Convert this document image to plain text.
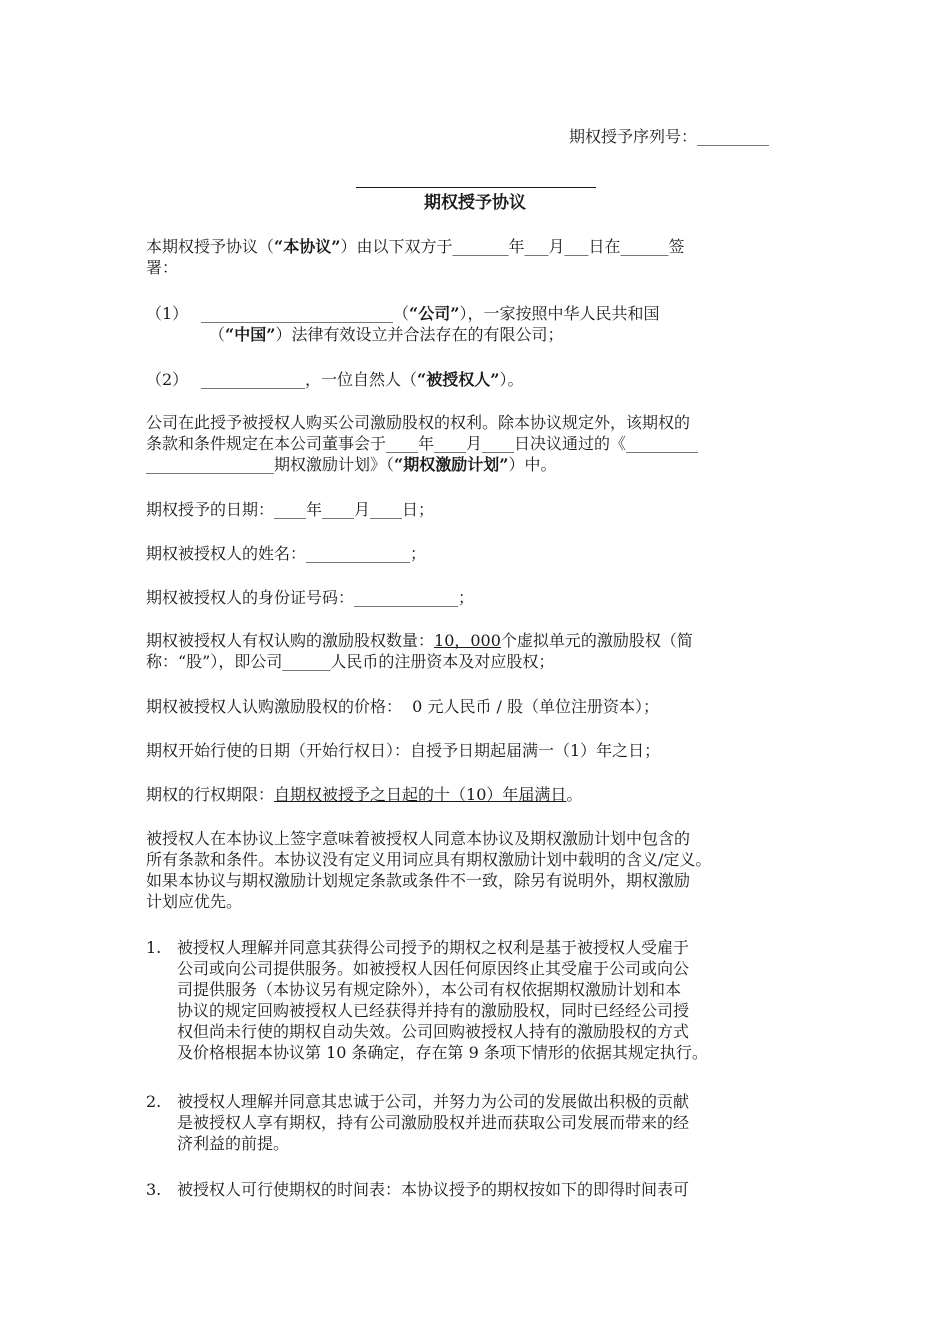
期权授予序列号：_________
期权授予协议
本期权授予协议（“本协议”）由以下双方于_______年___月___日在______签
署：
（1） ________________________（“公司”），一家按照中华人民共和国
（“中国”）法律有效设立并合法存在的有限公司；
（2） _____________，一位自然人（“被授权人”）。
公司在此授予被授权人购买公司激励股权的权利。除本协议规定外，该期权的
条款和条件规定在本公司董事会于____年____月____日决议通过的《_________
________________期权激励计划》（“期权激励计划”）中。
期权授予的日期：____年____月____日；
期权被授权人的姓名：_____________；
期权被授权人的身份证号码：_____________；
期权被授权人有权认购的激励股权数量：10，000个虚拟单元的激励股权（简
称：“股”），即公司______人民币的注册资本及对应股权；
期权被授权人认购激励股权的价格：  0 元人民币 / 股（单位注册资本）；
期权开始行使的日期（开始行权日）：自授予日期起届满一（1）年之日；
期权的行权期限：自期权被授予之日起的十（10）年届满日。
被授权人在本协议上签字意味着被授权人同意本协议及期权激励计划中包含的
所有条款和条件。本协议没有定义用词应具有期权激励计划中载明的含义/定义。
如果本协议与期权激励计划规定条款或条件不一致，除另有说明外，期权激励
计划应优先。
1. 被授权人理解并同意其获得公司授予的期权之权利是基于被授权人受雇于
公司或向公司提供服务。如被授权人因任何原因终止其受雇于公司或向公
司提供服务（本协议另有规定除外），本公司有权依据期权激励计划和本
协议的规定回购被授权人已经获得并持有的激励股权，同时已经经公司授
权但尚未行使的期权自动失效。公司回购被授权人持有的激励股权的方式
及价格根据本协议第 10 条确定，存在第 9 条项下情形的依据其规定执行。
2. 被授权人理解并同意其忠诚于公司，并努力为公司的发展做出积极的贡献
是被授权人享有期权，持有公司激励股权并进而获取公司发展而带来的经
济利益的前提。
3. 被授权人可行使期权的时间表：本协议授予的期权按如下的即得时间表可
